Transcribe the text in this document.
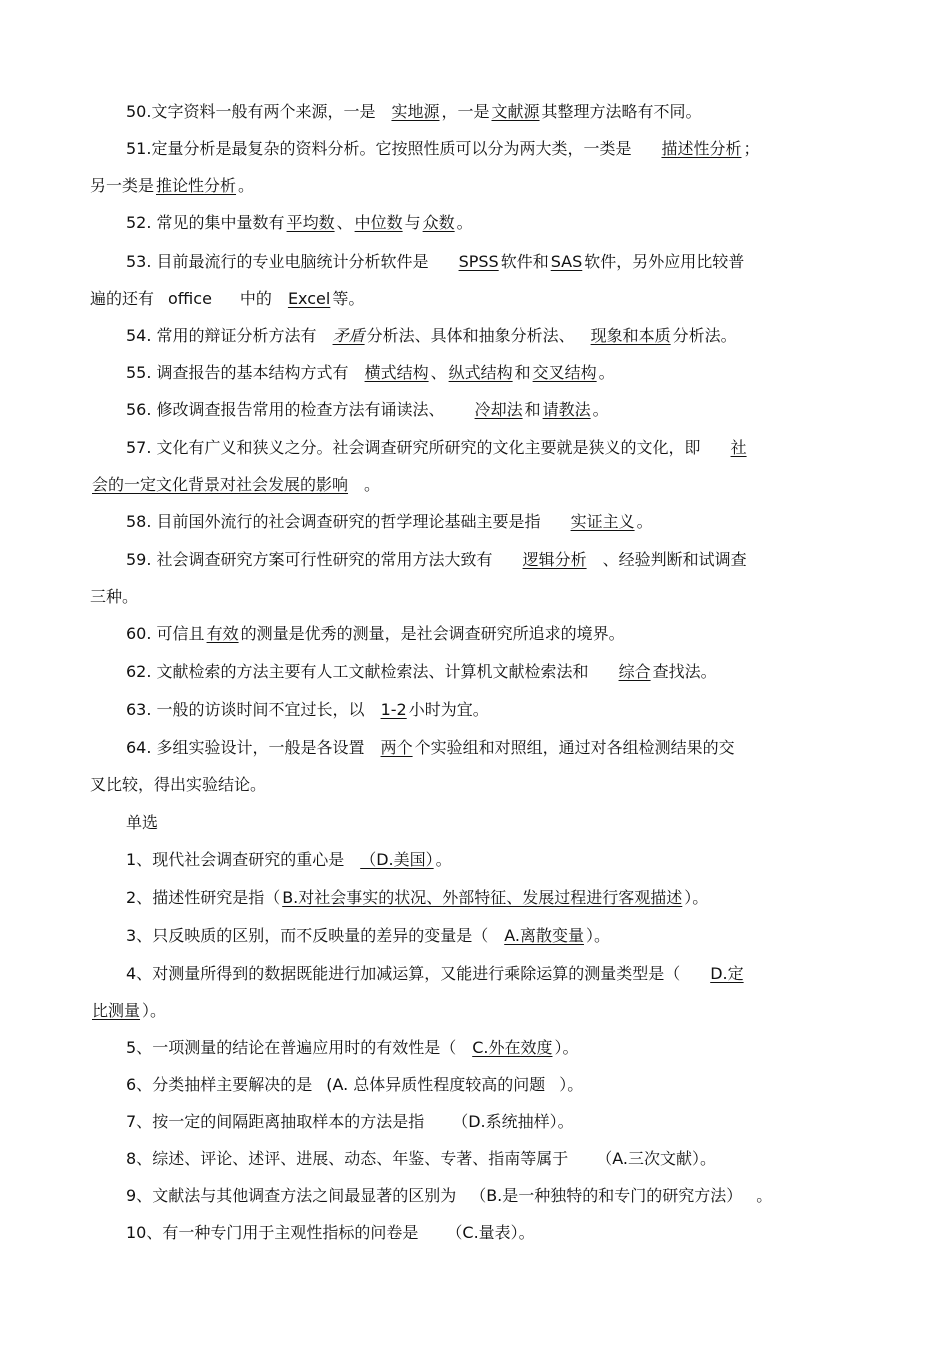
50.文字资料一般有两个来源，一是 实地源 ，一是 文献源 其整理方法略有不同。
51.定量分析是最复杂的资料分析。它按照性质可以分为两大类，一类是 描述性分析 ；
另一类是 推论性分析 。
52. 常见的集中量数有 平均数 、 中位数 与 众数 。
53. 目前最流行的专业电脑统计分析软件是 SPSS 软件和 SAS 软件，另外应用比较普
遍的还有 office 中的 Excel 等。
54. 常用的辩证分析方法有 矛盾 分析法、具体和抽象分析法、 现象和本质 分析法。
55. 调查报告的基本结构方式有 横式结构 、 纵式结构 和 交叉结构 。
56. 修改调查报告常用的检查方法有诵读法、 冷却法 和 请教法 。
57. 文化有广义和狭义之分。社会调查研究所研究的文化主要就是狭义的文化，即 社
会的一定文化背景对社会发展的影响 。
58. 目前国外流行的社会调查研究的哲学理论基础主要是指 实证主义 。
59. 社会调查研究方案可行性研究的常用方法大致有 逻辑分析 、经验判断和试调查
三种。
60. 可信且 有效 的测量是优秀的测量，是社会调查研究所追求的境界。
62. 文献检索的方法主要有人工文献检索法、计算机文献检索法和 综合 查找法。
63. 一般的访谈时间不宜过长，以 1-2 小时为宜。
64. 多组实验设计，一般是各设置 两个 个实验组和对照组，通过对各组检测结果的交
叉比较，得出实验结论。
单选
1、现代社会调查研究的重心是 （D.美国） 。
2、描述性研究是指（ B.对社会事实的状况、外部特征、发展过程进行客观描述 ）。
3、只反映质的区别，而不反映量的差异的变量是（ A.离散变量 ）。
4、对测量所得到的数据既能进行加减运算，又能进行乘除运算的测量类型是（ D.定
比测量 ）。
5、一项测量的结论在普遍应用时的有效性是（ C.外在效度 ）。
6、分类抽样主要解决的是 (A. 总体异质性程度较高的问题 ）。
7、按一定的间隔距离抽取样本的方法是指 （D.系统抽样）。
8、综述、评论、述评、进展、动态、年鉴、专著、指南等属于 （A.三次文献）。
9、文献法与其他调查方法之间最显著的区别为 （B.是一种独特的和专门的研究方法） 。
10、有一种专门用于主观性指标的问卷是 （C.量表）。
